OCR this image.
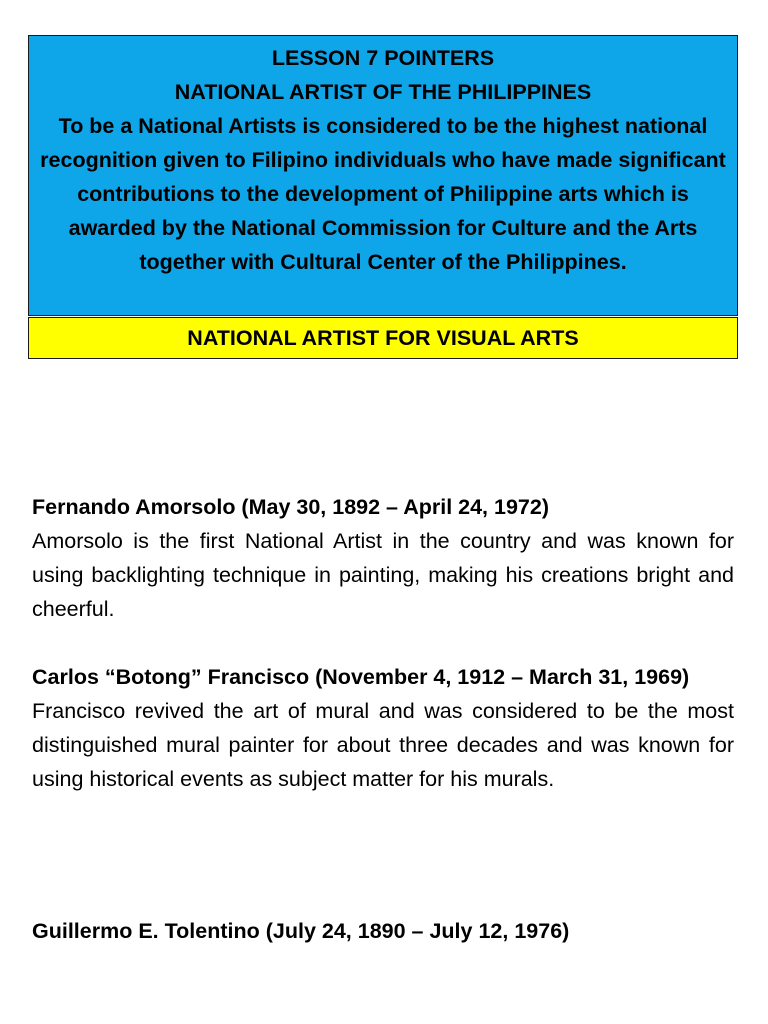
LESSON 7 POINTERS
NATIONAL ARTIST OF THE PHILIPPINES
To be a National Artists is considered to be the highest national recognition given to Filipino individuals who have made significant contributions to the development of Philippine arts which is awarded by the National Commission for Culture and the Arts together with Cultural Center of the Philippines.
NATIONAL ARTIST FOR VISUAL ARTS
Fernando Amorsolo (May 30, 1892 – April 24, 1972)
Amorsolo is the first National Artist in the country and was known for using backlighting technique in painting, making his creations bright and cheerful.
Carlos “Botong” Francisco (November 4, 1912 – March 31, 1969)
Francisco revived the art of mural and was considered to be the most distinguished mural painter for about three decades and was known for using historical events as subject matter for his murals.
Guillermo E. Tolentino (July 24, 1890 – July 12, 1976)
